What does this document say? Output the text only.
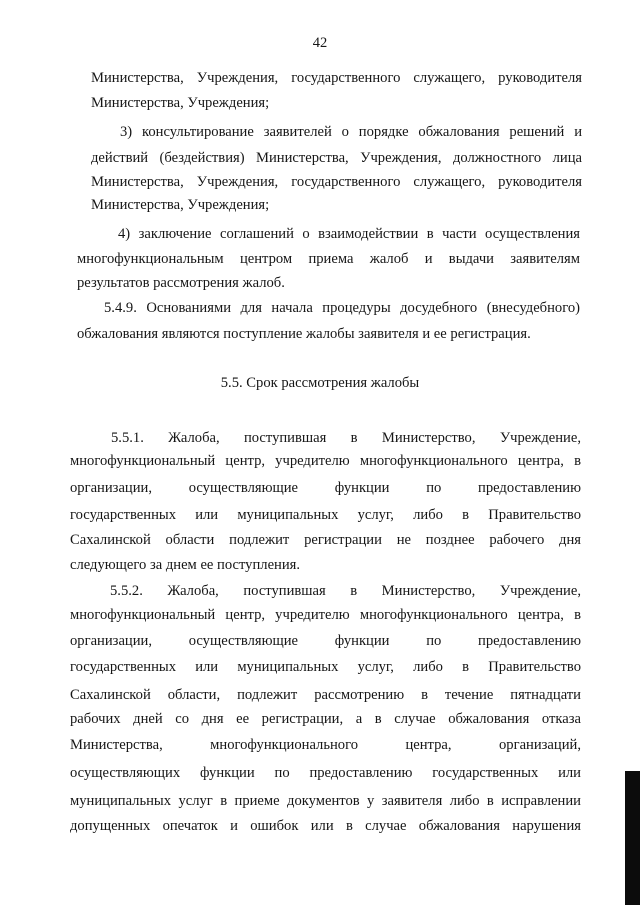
42
Министерства, Учреждения, государственного служащего, руководителя
Министерства, Учреждения;
3) консультирование заявителей о порядке обжалования решений и
действий (бездействия) Министерства, Учреждения, должностного лица
Министерства, Учреждения, государственного служащего, руководителя
Министерства, Учреждения;
4) заключение соглашений о взаимодействии в части осуществления
многофункциональным центром приема жалоб и выдачи заявителям
результатов рассмотрения жалоб.
5.4.9. Основаниями для начала процедуры досудебного (внесудебного)
обжалования являются поступление жалобы заявителя и ее регистрация.
5.5. Срок рассмотрения жалобы
5.5.1. Жалоба, поступившая в Министерство, Учреждение,
многофункциональный центр, учредителю многофункционального центра, в
организации, осуществляющие функции по предоставлению
государственных или муниципальных услуг, либо в Правительство
Сахалинской области подлежит регистрации не позднее рабочего дня
следующего за днем ее поступления.
5.5.2. Жалоба, поступившая в Министерство, Учреждение,
многофункциональный центр, учредителю многофункционального центра, в
организации, осуществляющие функции по предоставлению
государственных или муниципальных услуг, либо в Правительство
Сахалинской области, подлежит рассмотрению в течение пятнадцати
рабочих дней со дня ее регистрации, а в случае обжалования отказа
Министерства, многофункционального центра, организаций,
осуществляющих функции по предоставлению государственных или
муниципальных услуг в приеме документов у заявителя либо в исправлении
допущенных опечаток и ошибок или в случае обжалования нарушения
